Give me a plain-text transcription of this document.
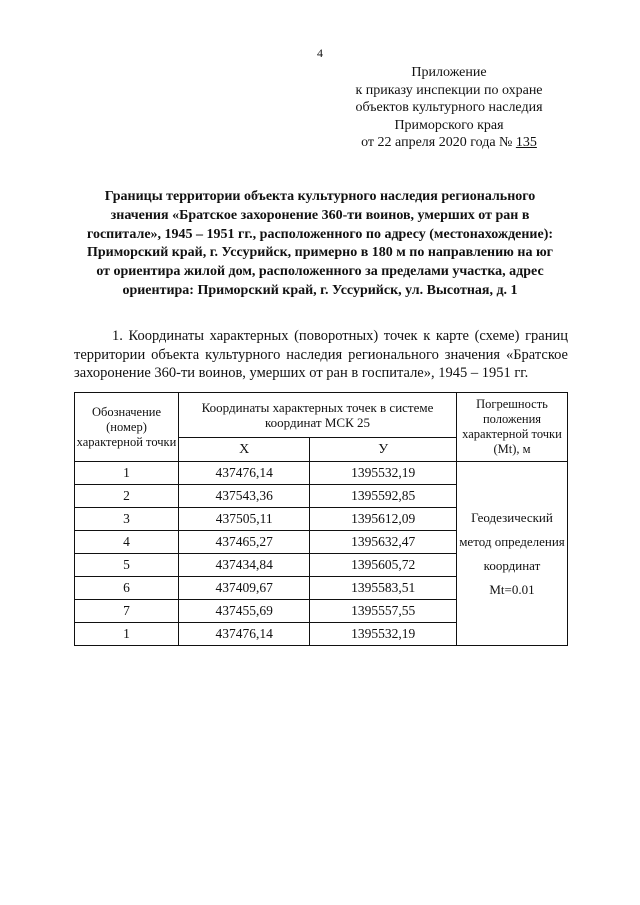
4
Приложение
к приказу инспекции по охране
объектов культурного наследия
Приморского края
от 22 апреля 2020 года № 135
Границы территории объекта культурного наследия регионального значения «Братское захоронение 360-ти воинов, умерших от ран в госпитале», 1945 – 1951 гг., расположенного по адресу (местонахождение): Приморский край, г. Уссурийск, примерно в 180 м по направлению на юг от ориентира жилой дом, расположенного за пределами участка, адрес ориентира: Приморский край, г. Уссурийск, ул. Высотная, д. 1
1. Координаты характерных (поворотных) точек к карте (схеме) границ территории объекта культурного наследия регионального значения «Братское захоронение 360-ти воинов, умерших от ран в госпитале», 1945 – 1951 гг.
Обозначение (номер) характерной точки	Координаты характерных точек в системе координат МСК 25		Погрешность положения характерной точки (Mt), м
	X	У	
1	437476,14	1395532,19	Геодезический
метод определения
координат
Mt=0.01

2	437543,36	1395592,85	
3	437505,11	1395612,09	
4	437465,27	1395632,47	
5	437434,84	1395605,72	
6	437409,67	1395583,51	
7	437455,69	1395557,55	
1	437476,14	1395532,19	
